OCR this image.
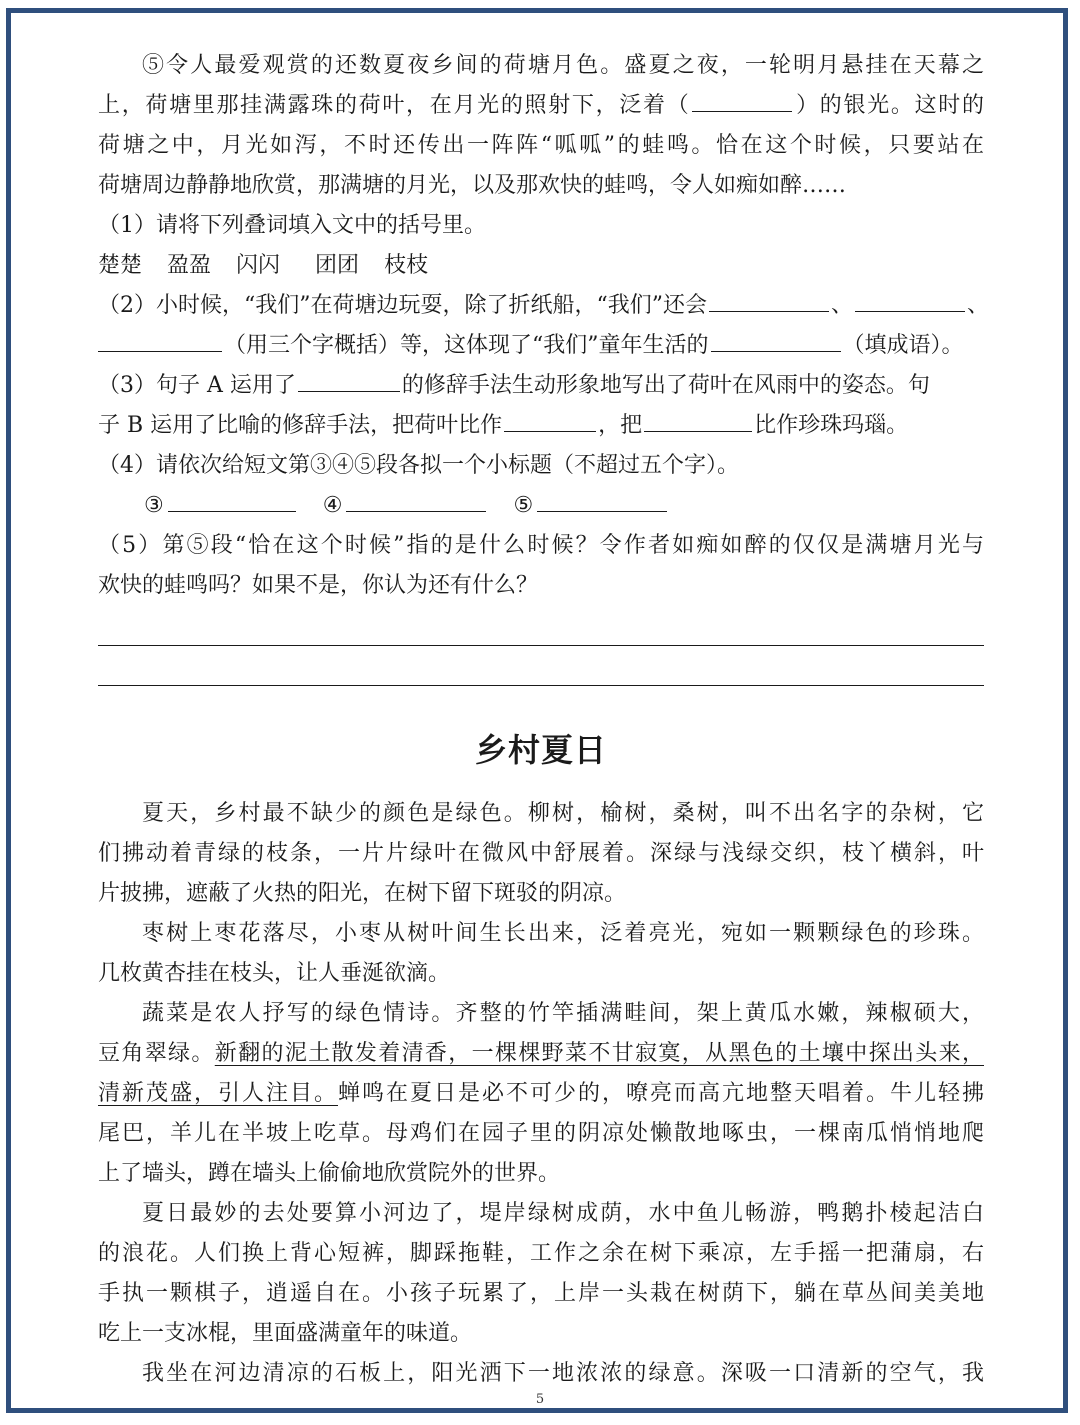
⑤令人最爱观赏的还数夏夜乡间的荷塘月色。盛夏之夜，一轮明月悬挂在天幕之
上，荷塘里那挂满露珠的荷叶，在月光的照射下，泛着（	）的银光。这时的
荷塘之中，月光如泻，不时还传出一阵阵“呱呱”的蛙鸣。恰在这个时候，只要站在
荷塘周边静静地欣赏，那满塘的月光，以及那欢快的蛙鸣，令人如痴如醉……
（1）请将下列叠词填入文中的括号里。
楚楚 盈盈 闪闪 团团 枝枝
（2）小时候，“我们”在荷塘边玩耍，除了折纸船，“我们”还会	、	、
（用三个字概括）等，这体现了“我们”童年生活的	（填成语）。
（3）句子 A 运用了	的修辞手法生动形象地写出了荷叶在风雨中的姿态。句
子 B 运用了比喻的修辞手法，把荷叶比作	，把	比作珍珠玛瑙。
（4）请依次给短文第③④⑤段各拟一个小标题（不超过五个字）。
③	④	⑤
（5）第⑤段“恰在这个时候”指的是什么时候？令作者如痴如醉的仅仅是满塘月光与
欢快的蛙鸣吗？如果不是，你认为还有什么？
乡村夏日
夏天，乡村最不缺少的颜色是绿色。柳树，榆树，桑树，叫不出名字的杂树，它
们拂动着青绿的枝条，一片片绿叶在微风中舒展着。深绿与浅绿交织，枝丫横斜，叶
片披拂，遮蔽了火热的阳光，在树下留下斑驳的阴凉。
枣树上枣花落尽，小枣从树叶间生长出来，泛着亮光，宛如一颗颗绿色的珍珠。
几枚黄杏挂在枝头，让人垂涎欲滴。
蔬菜是农人抒写的绿色情诗。齐整的竹竿插满畦间，架上黄瓜水嫩，辣椒硕大，
豆角翠绿。新翻的泥土散发着清香，一棵棵野菜不甘寂寞，从黑色的土壤中探出头来，
清新茂盛，引人注目。蝉鸣在夏日是必不可少的，嘹亮而高亢地整天唱着。牛儿轻拂
尾巴，羊儿在半坡上吃草。母鸡们在园子里的阴凉处懒散地啄虫，一棵南瓜悄悄地爬
上了墙头，蹲在墙头上偷偷地欣赏院外的世界。
夏日最妙的去处要算小河边了，堤岸绿树成荫，水中鱼儿畅游，鸭鹅扑棱起洁白
的浪花。人们换上背心短裤，脚踩拖鞋，工作之余在树下乘凉，左手摇一把蒲扇，右
手执一颗棋子，逍遥自在。小孩子玩累了，上岸一头栽在树荫下，躺在草丛间美美地
吃上一支冰棍，里面盛满童年的味道。
我坐在河边清凉的石板上，阳光洒下一地浓浓的绿意。深吸一口清新的空气，我
5
